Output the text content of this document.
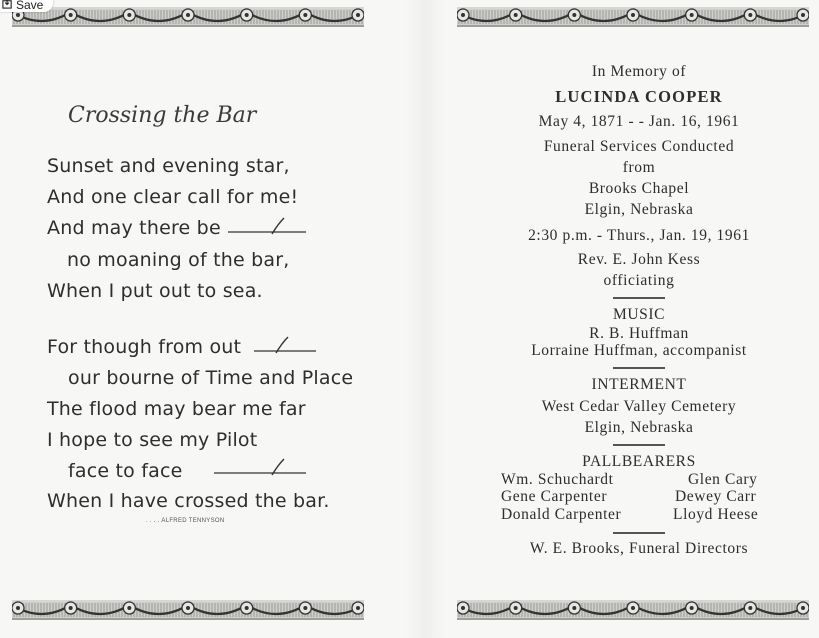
Crossing the Bar
Sunset and evening star,
And one clear call for me!
And may there be
no moaning of the bar,
When I put out to sea.
For though from out
our bourne of Time and Place
The flood may bear me far
I hope to see my Pilot
face to face
When I have crossed the bar.
. . . . ALFRED TENNYSON
In Memory of
LUCINDA COOPER
May 4, 1871 - - Jan. 16, 1961
Funeral Services Conducted
from
Brooks Chapel
Elgin, Nebraska
2:30 p.m. - Thurs., Jan. 19, 1961
Rev. E. John Kess
officiating
MUSIC
R. B. Huffman
Lorraine Huffman, accompanist
INTERMENT
West Cedar Valley Cemetery
Elgin, Nebraska
PALLBEARERS
Wm. Schuchardt	Glen Cary
Gene Carpenter	Dewey Carr
Donald Carpenter	Lloyd Heese
W. E. Brooks, Funeral Directors
Save
